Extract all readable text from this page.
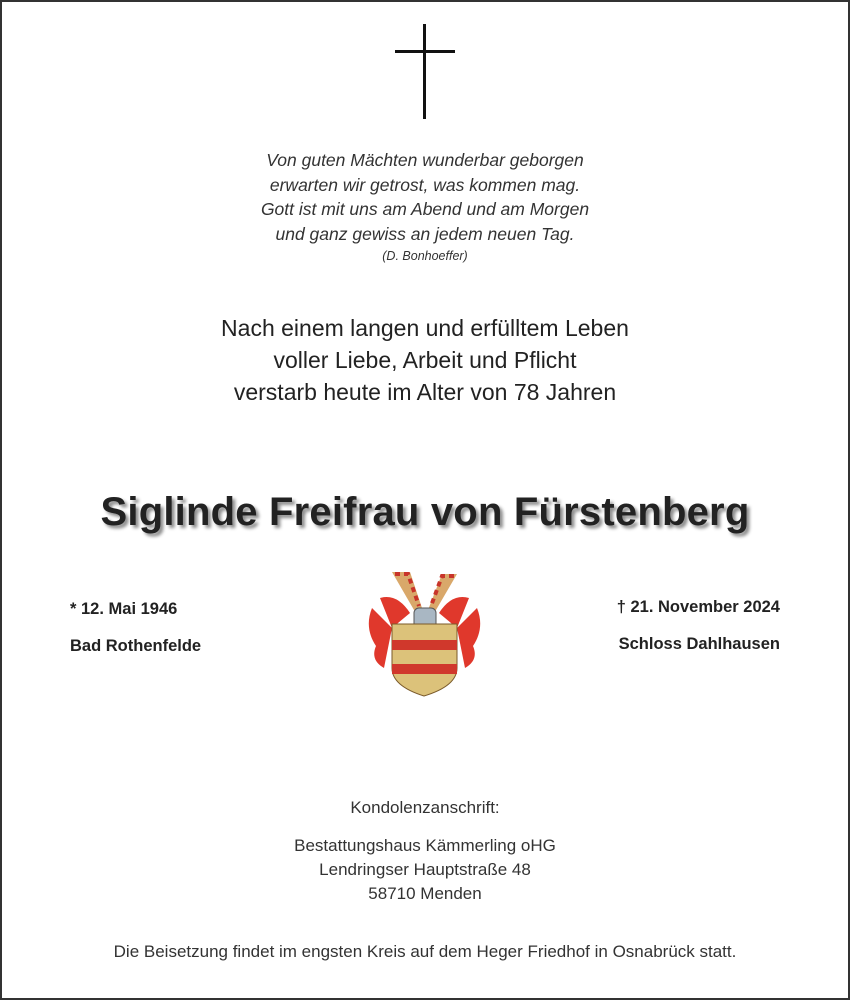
Von guten Mächten wunderbar geborgen
erwarten wir getrost, was kommen mag.
Gott ist mit uns am Abend und am Morgen
und ganz gewiss an jedem neuen Tag.
(D. Bonhoeffer)
Nach einem langen und erfülltem Leben
voller Liebe, Arbeit und Pflicht
verstarb heute im Alter von 78 Jahren
Siglinde Freifrau von Fürstenberg
* 12. Mai 1946
Bad Rothenfelde
† 21. November 2024
Schloss Dahlhausen
Kondolenzanschrift:
Bestattungshaus Kämmerling oHG
Lendringser Hauptstraße 48
58710 Menden
Die Beisetzung findet im engsten Kreis auf dem Heger Friedhof in Osnabrück statt.
